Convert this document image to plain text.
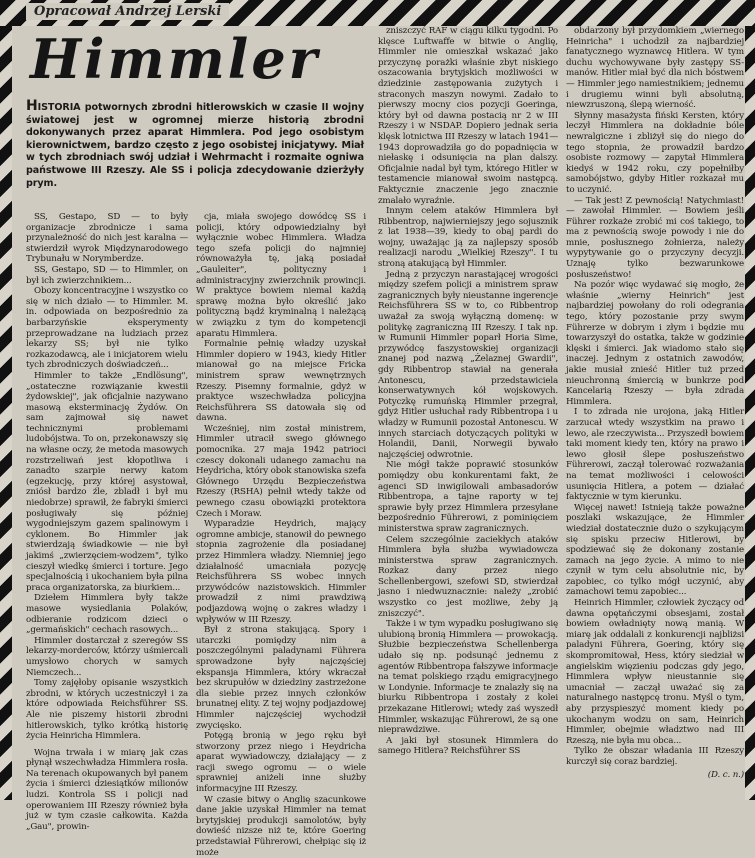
Opracował Andrzej Lerski
Himmler
HISTORIA potwornych zbrodni hitlerowskich w czasie II wojny światowej jest w ogromnej mierze historią zbrodni dokonywanych przez aparat Himmlera. Pod jego osobistym kierownictwem, bardzo często z jego osobistej inicjatywy. Miał w tych zbrodniach swój udział i Wehrmacht i rozmaite ogniwa państwowe III Rzeszy. Ale SS i policja zdecydowanie dzierżyły prym.

SS, Gestapo, SD — to były organizacje zbrodnicze i sama przynależność do nich jest karalna — stwierdził wyrok Międzynarodowego Trybunału w Norymberdze.

SS, Gestapo, SD — to Himmler, on był ich zwierzchnikiem...

Obozy koncentracyjne i wszystko co się w nich działo — to Himmler. M. in. odpowiada on bezpośrednio za barbarzyńskie eksperymenty przeprowadzane na ludziach przez lekarzy SS; był nie tylko rozkazodawcą, ale i inicjatorem wielu tych zbrodniczych doświadczeń...

Himmler to także „Endlösung", „ostateczne rozwiązanie kwestii żydowskiej", jak oficjalnie nazywano masową eksterminację Żydów. On sam zajmował się nawet technicznymi problemami ludobójstwa. To on, przekonawszy się na własne oczy, że metoda masowych rozstrzeliwań jest kłopotliwa i zanadto szarpie nerwy katom (egzekucję, przy której asystował, zniósł bardzo źle, zbladł i był mu niedobrze) sprawił, że fabryki śmierci posługiwały się później wygodniejszym gazem spalinowym i cyklonem. Bo Himmler jak stwierdzają świadkowie — nie był jakimś „zwierzęciem-wodzem", tylko cieszył wiedkę śmierci i torture. Jego specjalnością i ukochaniem była pilna praca organizatorska, za biurkiem...

Dziełem Himmlera były także masowe wysiedlania Polaków, odbieranie rodzicom dzieci o „germańskich" cechach rasowych...

Himmler dostarczał z szeregów SS lekarzy-morderców, którzy uśmiercali umysłowo chorych w samych Niemczech...

Tomy zajęłoby opisanie wszystkich zbrodni, w których uczestniczył i za które odpowiada Reichsführer SS. Ale nie piszemy historii zbrodni hitlerowskich, tylko krótką historię życia Heinricha Himmlera.

Wojna trwała i w miarę jak czas płynął wszechwładza Himmlera rosła. Na terenach okupowanych był panem życia i śmierci dziesiątków milionów ludzi. Kontrola SS i policji nad operowaniem III Rzeszy również była już w tym czasie całkowita. Każda „Gau", prowin-

cja, miała swojego dowódcę SS i policji, który odpowiedzialny był wyłącznie wobec Himmlera. Władza tego szefa policji do najmniej równoważyła tę, jaką posiadał „Gauleiter", polityczny i administracyjny zwierzchnik prowincji. W praktyce bowiem niemal każdą sprawę można było określić jako polityczną bądź kryminalną i należącą w związku z tym do kompetencji aparatu Himmlera.

Formalnie pełnię władzy uzyskał Himmler dopiero w 1943, kiedy Hitler mianował go na miejsce Fricka ministrem spraw wewnętrznych Rzeszy. Pisemny formalnie, gdyż w praktyce wszechwładza policyjna Reichsführera SS datowała się od dawna.

Wcześniej, nim został ministrem, Himmler utracił swego głównego pomocnika. 27 maja 1942 patrioci czescy dokonali udanego zamachu na Heydricha, który obok stanowiska szefa Głównego Urzędu Bezpieczeństwa Rzeszy (RSHA) pełnił wtedy także od pewnego czasu obowiązki protektora Czech i Moraw.

Wyparadzie Heydrich, mający ogromne ambicje, stanowił do pewnego stopnia zagrożenie dla posiadanej przez Himmlera władzy. Niemniej jego działalność umacniała pozycję Reichsführera SS wobec innych przywódców nazistowskich. Himmler prowadził z nimi prawdziwą podjazdową wojnę o zakres władzy i wpływów w III Rzeszy.

Był z strona stakującą. Spory i utarczki pomiędzy nim a poszczególnymi paladynami Führera sprowadzone były najczęściej ekspansja Himmlera, który wkraczał bez skrupułów w dziedziny zastrzeżone dla siebie przez innych członków brunatnej elity. Z tej wojny podjazdowej Himmler najczęściej wychodził zwycięsko.

Potęgą bronią w jego ręku był stworzony przez niego i Heydricha aparat wywiadowczy, działający — z racji swego ogromu — o wiele sprawniej aniżeli inne służby informacyjne III Rzeszy.

W czasie bitwy o Anglię szacunkowe dane jakie uzyskał Himmler na temat brytyjskiej produkcji samolotów, były dowieść nizsze niż te, które Goering przedstawiał Führerowi, chełpiąc się iż może

zniszczyć RAF w ciągu kilku tygodni. Po klęsce Luftwaffe w bitwie o Anglię, Himmler nie omieszkał wskazać jako przyczynę porażki właśnie zbyt niskiego oszacowania brytyjskich możliwości w dziedzinie zastępowania zużytych i straconych maszyn nowymi. Zadało to pierwszy mocny cios pozycji Goeringa, który był od dawna postacią nr 2 w III Rzeszy i w NSDAP. Dopiero jednak seria klęsk lotnictwa III Rzeszy w latach 1941—1943 doprowadziła go do popadnięcia w niełaskę i odsunięcia na plan dalszy. Oficjalnie nadal był tym, którego Hitler w testamencie mianował swoim następcą. Faktycznie znaczenie jego znacznie zmalało wyraźnie.

Innym celem ataków Himmlera był Ribbentrop, najwierniejszy jego sojusznik z lat 1938—39, kiedy to obaj pardi do wojny, uważając ją za najlepszy sposób realizacji narodu „Wielkiej Rzeszy". I tu stroną atakującą był Himmler.

Jedną z przyczyn narastającej wrogości między szefem policji a ministrem spraw zagranicznych były nieustanne ingerencje Reichsführera SS w to, co Ribbentrop uważał za swoją wyłączną domenę: w politykę zagraniczną III Rzeszy. I tak np. w Rumunii Himmler poparł Horia Sime, przywódcę faszystowskiej organizacji znanej pod nazwą „Żelaznej Gwardii", gdy Ribbentrop stawiał na generała Antonescu, przedstawiciela konserwatywnych kół wojskowych. Potyczkę rumuńską Himmler przegrał, gdyż Hitler usłuchał rady Ribbentropa i u władzy w Rumunii pozostał Antonescu. W innych starciach dotyczących polityki w Holandii, Danii, Norwegii bywało najczęściej odwrotnie.

Nie mógł także poprawić stosunków pomiędzy obu konkurentami fakt, że agenci SD inwigilowali ambasadorów Ribbentropa, a tajne raporty w tej sprawie były przez Himmlera przesyłane bezpośrednio Führerowi, z pominięciem ministerstwa spraw zagranicznych.

Celem szczególnie zaciekłych ataków Himmlera była służba wywiadowcza ministerstwa spraw zagranicznych. Rozkaz dany przez niego Schellenbergowi, szefowi SD, stwierdzał jasno i niedwuznacznie: należy „zrobić wszystko co jest możliwe, żeby ją zniszczyć".

Także i w tym wypadku posługiwano się ulubioną bronią Himmlera — prowokacją. Służbie bezpieczeństwa Schellenberga udało się np. podsunąć jednemu z agentów Ribbentropa fałszywe informacje na temat polskiego rządu emigracyjnego w Londynie. Informacje te znalazły się na biurku Ribbentropa i zostały z kolei przekazane Hitlerowi; wtedy zaś wyszedł Himmler, wskazując Führerowi, że są one nieprawdziwe.

A jaki był stosunek Himmlera do samego Hitlera? Reichsführer SS

obdarzony był przydomkiem „wiernego Heinricha" i uchodził za najbardziej fanatycznego wyznawcę Hitlera. W tym duchu wychowywane były zastępy SS-manów. Hitler miał być dla nich bóstwem — Himmler jego namiestnikiem; jednemu i drugiemu winni byli absolutną, niewzruszoną, ślepą wierność.

Słynny masażysta fiński Kersten, który leczył Himmlera na dokładnie bóle newralgiczne i zbliżył się do niego do tego stopnia, że prowadził bardzo osobiste rozmowy — zapytał Himmlera kiedyś w 1942 roku, czy popełniłby samobójstwo, gdyby Hitler rozkazał mu to uczynić.

— Tak jest! Z pewnością! Natychmiast! — zawołał Himmler. — Bowiem jeśli Führer rozkaże zrobić mi coś takiego, to ma z pewnością swoje powody i nie do mnie, posłusznego żołnierza, należy wypytywanie go o przyczyny decyzji. Uznaję tylko bezwarunkowe posłuszeństwo!

Na pozór więc wydawać się mogło, że właśnie „wierny Heinrich" jest najbardziej powołany do roli odegrania tego, który pozostanie przy swym Führerze w dobrym i złym i będzie mu towarzyszył do ostatka, także w godzinie klęski i śmierci. Jak wiadomo stało się inaczej. Jednym z ostatnich zawodów, jakie musiał znieść Hitler tuż przed nieuchronną śmiercią w bunkrze pod Kancelarią Rzeszy — była zdrada Himmlera.

I to zdrada nie urojona, jaką Hitler zarzucał wtedy wszystkim na prawo i lewo, ale rzeczywista... Przyszedł bowiem taki moment kiedy ten, który na prawo i lewo głosił ślepe posłuszeństwo Führerowi, zaczął tolerować rozważania na temat możliwości i celowości usunięcia Hitlera, a potem — działać faktycznie w tym kierunku.

Więcej nawet! Istnieją także poważne poszlaki wskazujące, że Himmler wiedział dostatecznie dużo o szykującym się spisku przeciw Hitlerowi, by spodziewać się że dokonany zostanie zamach na jego życie. A mimo to nie czynił w tym celu absolutnie nic, by zapobiec, co tylko mógł uczynić, aby zamachowi temu zapobiec...

Heinrich Himmler, człowiek życzący od dawna opętańczymi obsesjami, został bowiem owładnięty nową manią. W miarę jak oddalali z konkurencji najbliżsi paladyni Führera, Goering, który się skompromitował, Hess, który siedział w angielskim więzieniu podczas gdy jego, Himmlera wpływ nieustannie się umacniał — zaczął uważać się za naturalnego następcę tronu. Myśl o tym, aby przyspieszyć moment kiedy po ukochanym wodzu on sam, Heinrich Himmler, obejmie władztwo nad III Rzeszą, nie była mu obca...

Tylko że obszar władania III Rzeszy kurczył się coraz bardziej.

(D. c. n.)
